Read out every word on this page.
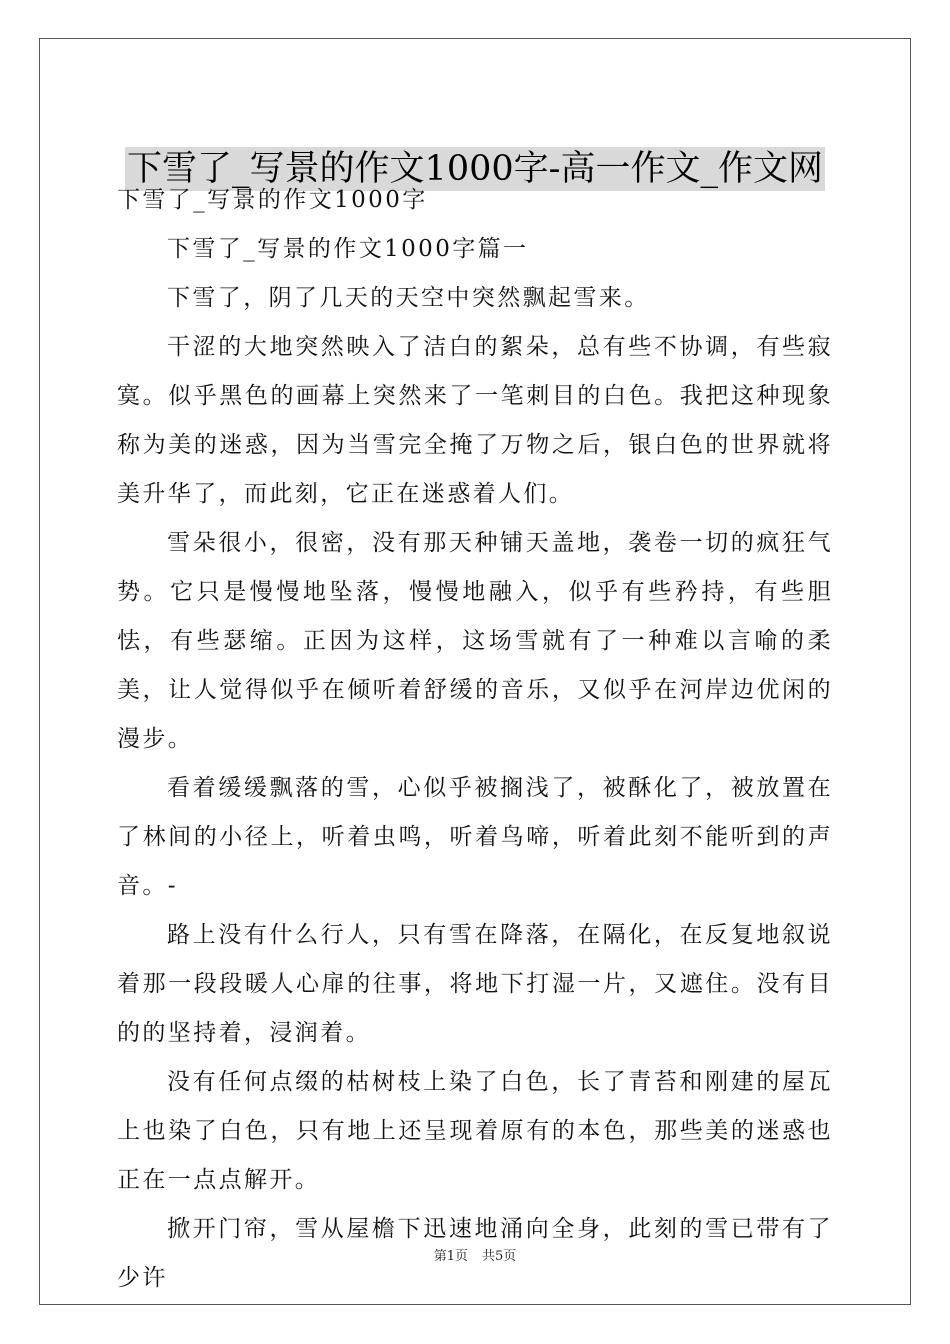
下雪了_写景的作文1000字-高一作文_作文网

下雪了_写景的作文1000字

下雪了_写景的作文1000字篇一

下雪了，阴了几天的天空中突然飘起雪来。

干涩的大地突然映入了洁白的絮朵，总有些不协调，有些寂寞。似乎黑色的画幕上突然来了一笔刺目的白色。我把这种现象称为美的迷惑，因为当雪完全掩了万物之后，银白色的世界就将美升华了，而此刻，它正在迷惑着人们。

雪朵很小，很密，没有那天种铺天盖地，袭卷一切的疯狂气势。它只是慢慢地坠落，慢慢地融入，似乎有些矜持，有些胆怯，有些瑟缩。正因为这样，这场雪就有了一种难以言喻的柔美，让人觉得似乎在倾听着舒缓的音乐，又似乎在河岸边优闲的漫步。

看着缓缓飘落的雪，心似乎被搁浅了，被酥化了，被放置在了林间的小径上，听着虫鸣，听着鸟啼，听着此刻不能听到的声音。-

路上没有什么行人，只有雪在降落，在隔化，在反复地叙说着那一段段暖人心扉的往事，将地下打湿一片，又遮住。没有目的的坚持着，浸润着。

没有任何点缀的枯树枝上染了白色，长了青苔和刚建的屋瓦上也染了白色，只有地上还呈现着原有的本色，那些美的迷惑也正在一点点解开。

掀开门帘，雪从屋檐下迅速地涌向全身，此刻的雪已带有了少许

第1页 共5页
